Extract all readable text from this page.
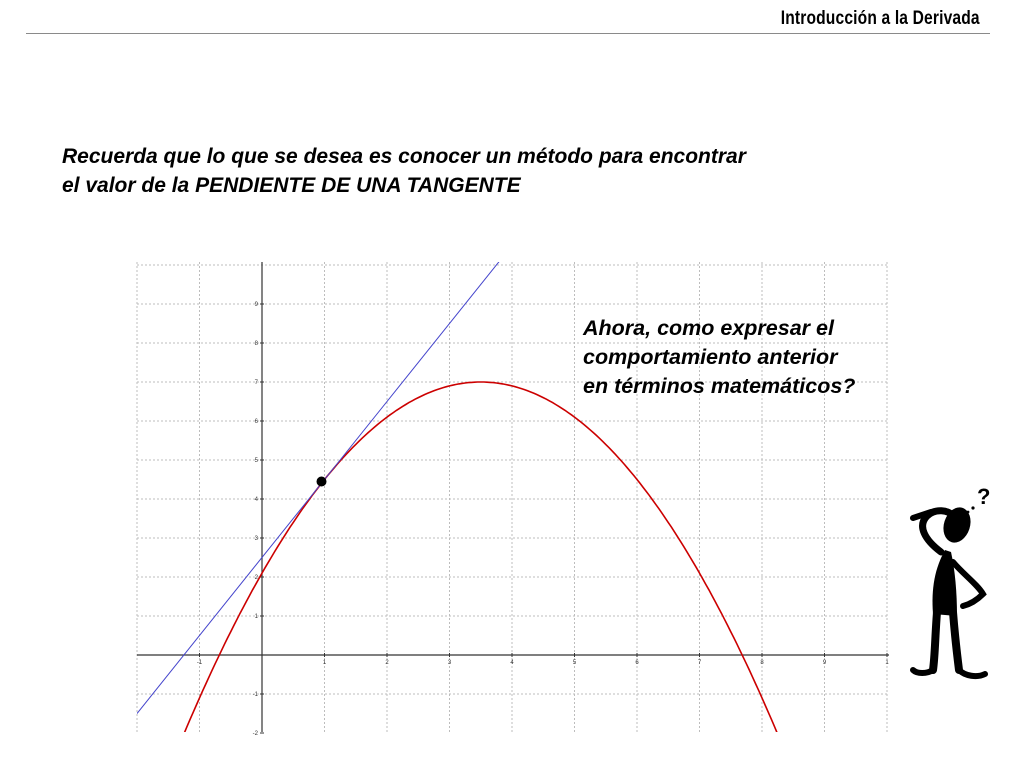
Introducción a la Derivada
Recuerda que lo que se desea es conocer un método para encontrar
el valor de la PENDIENTE DE UNA TANGENTE
-1	1	2	3	4	5	6	7	8	9	1
-2
-1
1
2
3
4
5
6
7
8
9
Ahora, como expresar el
comportamiento anterior
en términos matemáticos?
?
